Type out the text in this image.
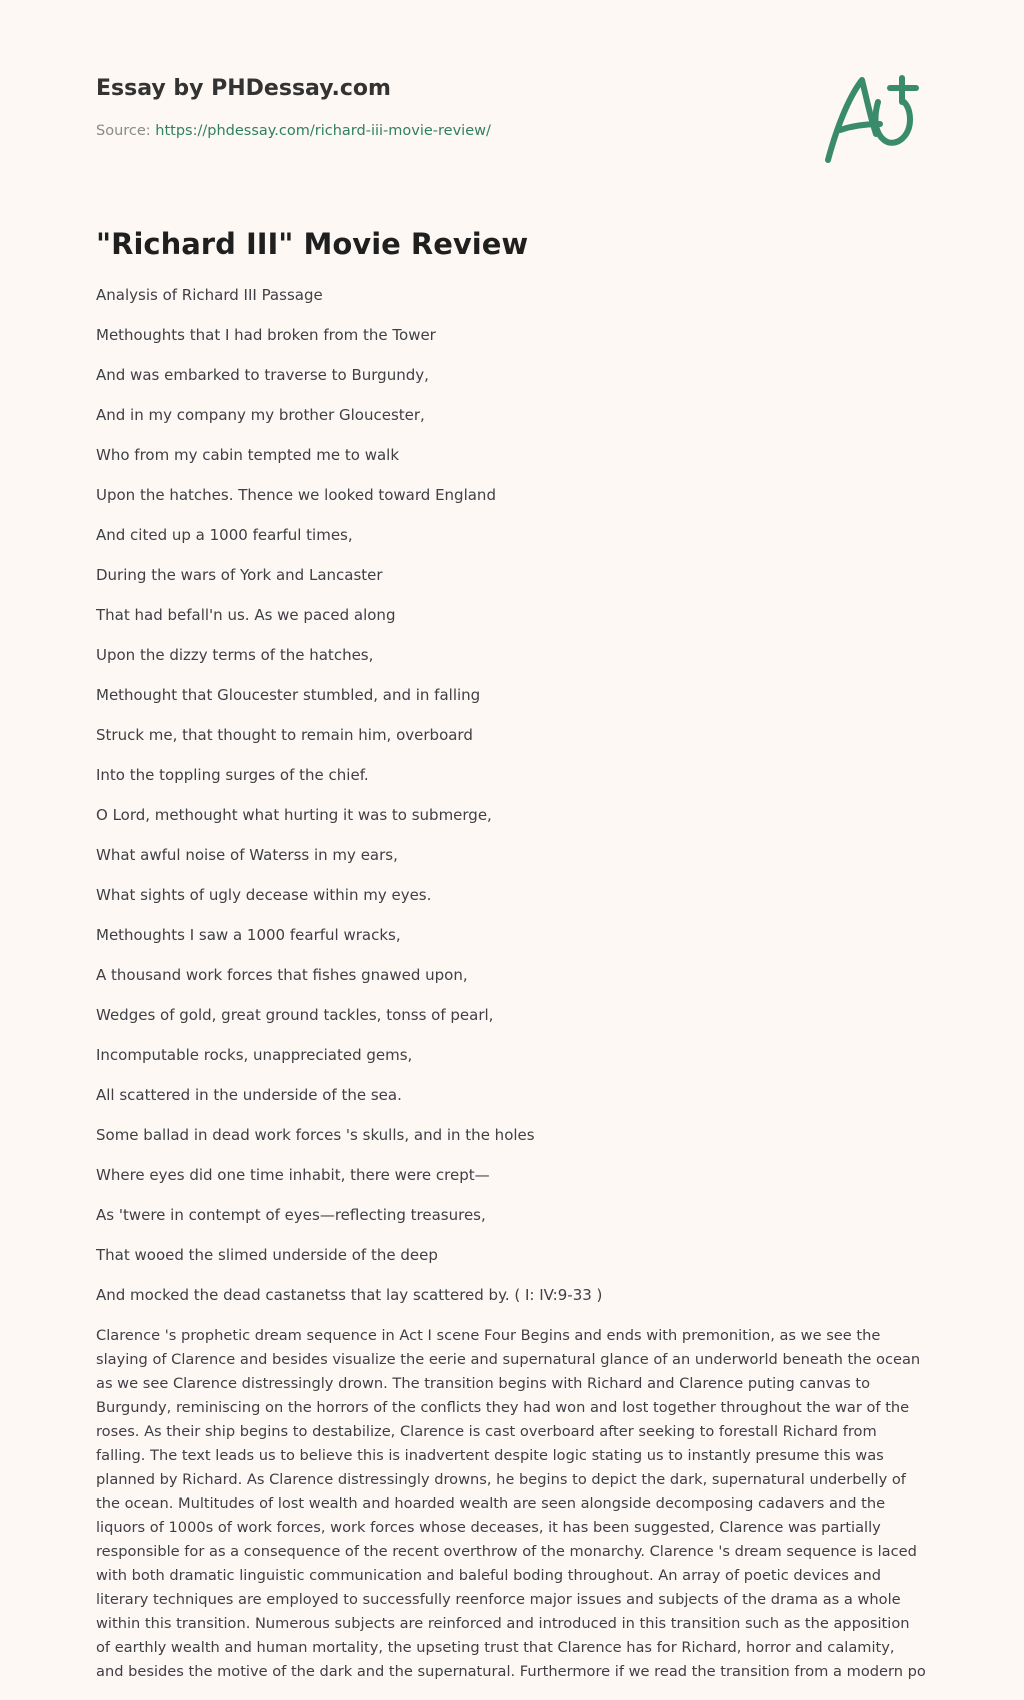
Essay by PHDessay.com
Source: https://phdessay.com/richard-iii-movie-review/
"Richard III" Movie Review

Analysis of Richard III Passage

Methoughts that I had broken from the Tower

And was embarked to traverse to Burgundy,

And in my company my brother Gloucester,

Who from my cabin tempted me to walk

Upon the hatches. Thence we looked toward England

And cited up a 1000 fearful times,

During the wars of York and Lancaster

That had befall'n us. As we paced along

Upon the dizzy terms of the hatches,

Methought that Gloucester stumbled, and in falling

Struck me, that thought to remain him, overboard

Into the toppling surges of the chief.

O Lord, methought what hurting it was to submerge,

What awful noise of Waterss in my ears,

What sights of ugly decease within my eyes.

Methoughts I saw a 1000 fearful wracks,

A thousand work forces that fishes gnawed upon,

Wedges of gold, great ground tackles, tonss of pearl,

Incomputable rocks, unappreciated gems,

All scattered in the underside of the sea.

Some ballad in dead work forces 's skulls, and in the holes

Where eyes did one time inhabit, there were crept—

As 'twere in contempt of eyes—reflecting treasures,

That wooed the slimed underside of the deep

And mocked the dead castanetss that lay scattered by. ( I: IV:9-33 )

Clarence 's prophetic dream sequence in Act I scene Four Begins and ends with premonition, as we see the
slaying of Clarence and besides visualize the eerie and supernatural glance of an underworld beneath the ocean
as we see Clarence distressingly drown. The transition begins with Richard and Clarence puting canvas to
Burgundy, reminiscing on the horrors of the conflicts they had won and lost together throughout the war of the
roses. As their ship begins to destabilize, Clarence is cast overboard after seeking to forestall Richard from
falling. The text leads us to believe this is inadvertent despite logic stating us to instantly presume this was
planned by Richard. As Clarence distressingly drowns, he begins to depict the dark, supernatural underbelly of
the ocean. Multitudes of lost wealth and hoarded wealth are seen alongside decomposing cadavers and the
liquors of 1000s of work forces, work forces whose deceases, it has been suggested, Clarence was partially
responsible for as a consequence of the recent overthrow of the monarchy. Clarence 's dream sequence is laced
with both dramatic linguistic communication and baleful boding throughout. An array of poetic devices and
literary techniques are employed to successfully reenforce major issues and subjects of the drama as a whole
within this transition. Numerous subjects are reinforced and introduced in this transition such as the apposition
of earthly wealth and human mortality, the upseting trust that Clarence has for Richard, horror and calamity,
and besides the motive of the dark and the supernatural. Furthermore if we read the transition from a modern po
